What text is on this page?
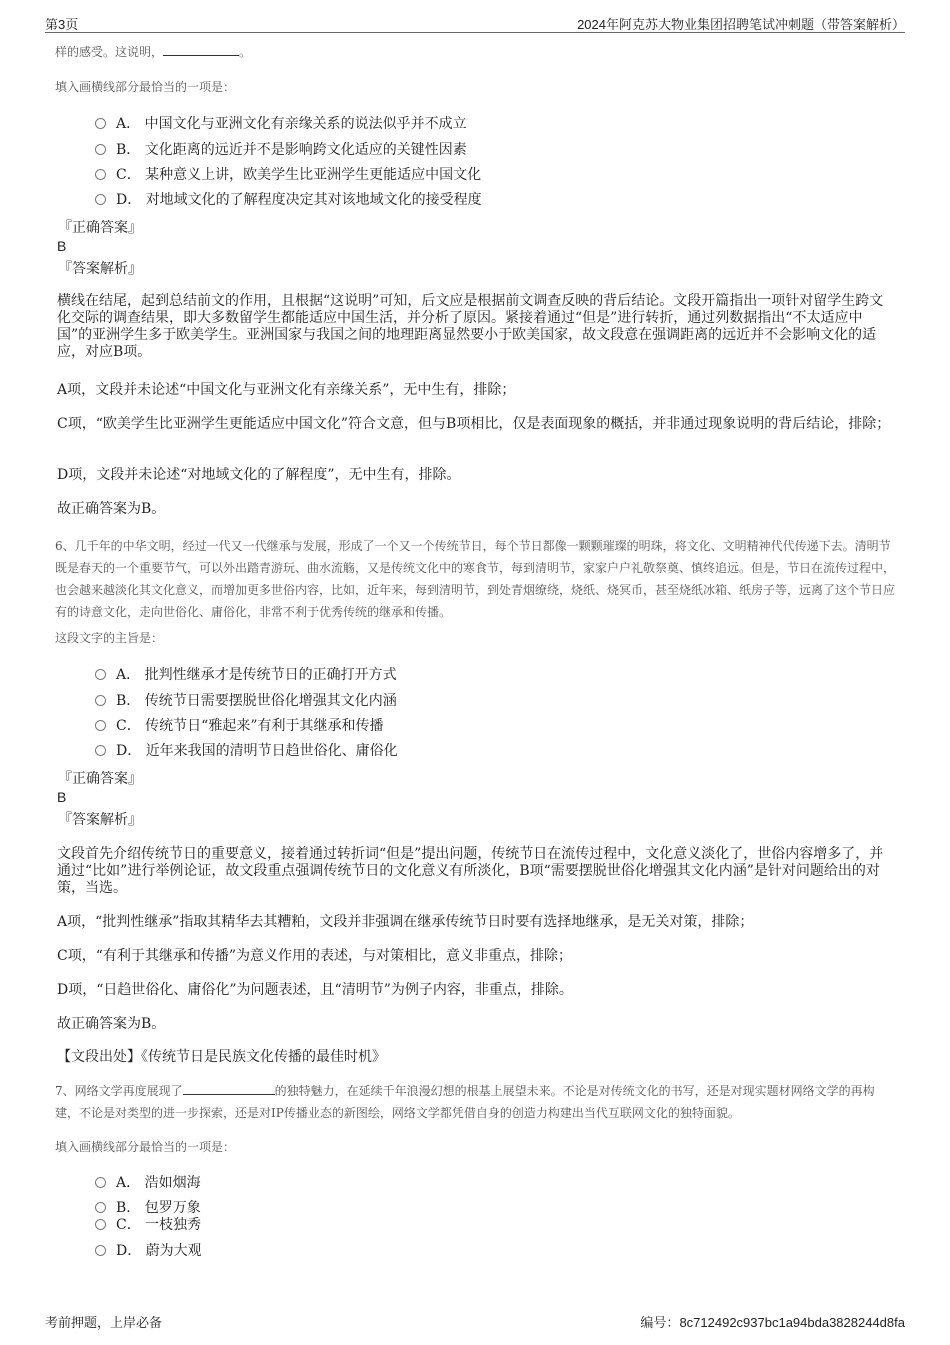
第3页	2024年阿克苏大物业集团招聘笔试冲刺题（带答案解析）
样的感受。这说明，	。
填入画横线部分最恰当的一项是：
A． 中国文化与亚洲文化有亲缘关系的说法似乎并不成立
B． 文化距离的远近并不是影响跨文化适应的关键性因素
C． 某种意义上讲，欧美学生比亚洲学生更能适应中国文化
D． 对地域文化的了解程度决定其对该地域文化的接受程度
『正确答案』
B
『答案解析』
横线在结尾，起到总结前文的作用，且根据“这说明”可知，后文应是根据前文调查反映的背后结论。文段开篇指出一项针对留学生跨文化交际的调查结果，即大多数留学生都能适应中国生活，并分析了原因。紧接着通过“但是”进行转折，通过列数据指出“不太适应中国”的亚洲学生多于欧美学生。亚洲国家与我国之间的地理距离显然要小于欧美国家，故文段意在强调距离的远近并不会影响文化的适应，对应B项。
A项，文段并未论述“中国文化与亚洲文化有亲缘关系”，无中生有，排除；
C项，“欧美学生比亚洲学生更能适应中国文化”符合文意，但与B项相比，仅是表面现象的概括，并非通过现象说明的背后结论，排除；
D项，文段并未论述“对地域文化的了解程度”，无中生有，排除。
故正确答案为B。
6、几千年的中华文明，经过一代又一代继承与发展，形成了一个又一个传统节日，每个节日都像一颗颗璀璨的明珠，将文化、文明精神代代传递下去。清明节既是春天的一个重要节气，可以外出踏青游玩、曲水流觞，又是传统文化中的寒食节，每到清明节，家家户户礼敬祭奠、慎终追远。但是，节日在流传过程中，也会越来越淡化其文化意义，而增加更多世俗内容，比如，近年来，每到清明节，到处青烟缭绕，烧纸、烧冥币，甚至烧纸冰箱、纸房子等，远离了这个节日应有的诗意文化，走向世俗化、庸俗化，非常不利于优秀传统的继承和传播。
这段文字的主旨是：
A． 批判性继承才是传统节日的正确打开方式
B． 传统节日需要摆脱世俗化增强其文化内涵
C． 传统节日“雅起来”有利于其继承和传播
D． 近年来我国的清明节日趋世俗化、庸俗化
『正确答案』
B
『答案解析』
文段首先介绍传统节日的重要意义，接着通过转折词“但是”提出问题，传统节日在流传过程中，文化意义淡化了，世俗内容增多了，并通过“比如”进行举例论证，故文段重点强调传统节日的文化意义有所淡化，B项“需要摆脱世俗化增强其文化内涵”是针对问题给出的对策，当选。
A项，“批判性继承”指取其精华去其糟粕，文段并非强调在继承传统节日时要有选择地继承，是无关对策，排除；
C项，“有利于其继承和传播”为意义作用的表述，与对策相比，意义非重点，排除；
D项，“日趋世俗化、庸俗化”为问题表述，且“清明节”为例子内容，非重点，排除。
故正确答案为B。
【文段出处】《传统节日是民族文化传播的最佳时机》
7、网络文学再度展现了	的独特魅力，在延续千年浪漫幻想的根基上展望未来。不论是对传统文化的书写，还是对现实题材网络文学的再构建，不论是对类型的进一步探索，还是对IP传播业态的新图绘，网络文学都凭借自身的创造力构建出当代互联网文化的独特面貌。
填入画横线部分最恰当的一项是：
A． 浩如烟海
B． 包罗万象
C． 一枝独秀
D． 蔚为大观
考前押题，上岸必备	编号：8c712492c937bc1a94bda3828244d8fa
